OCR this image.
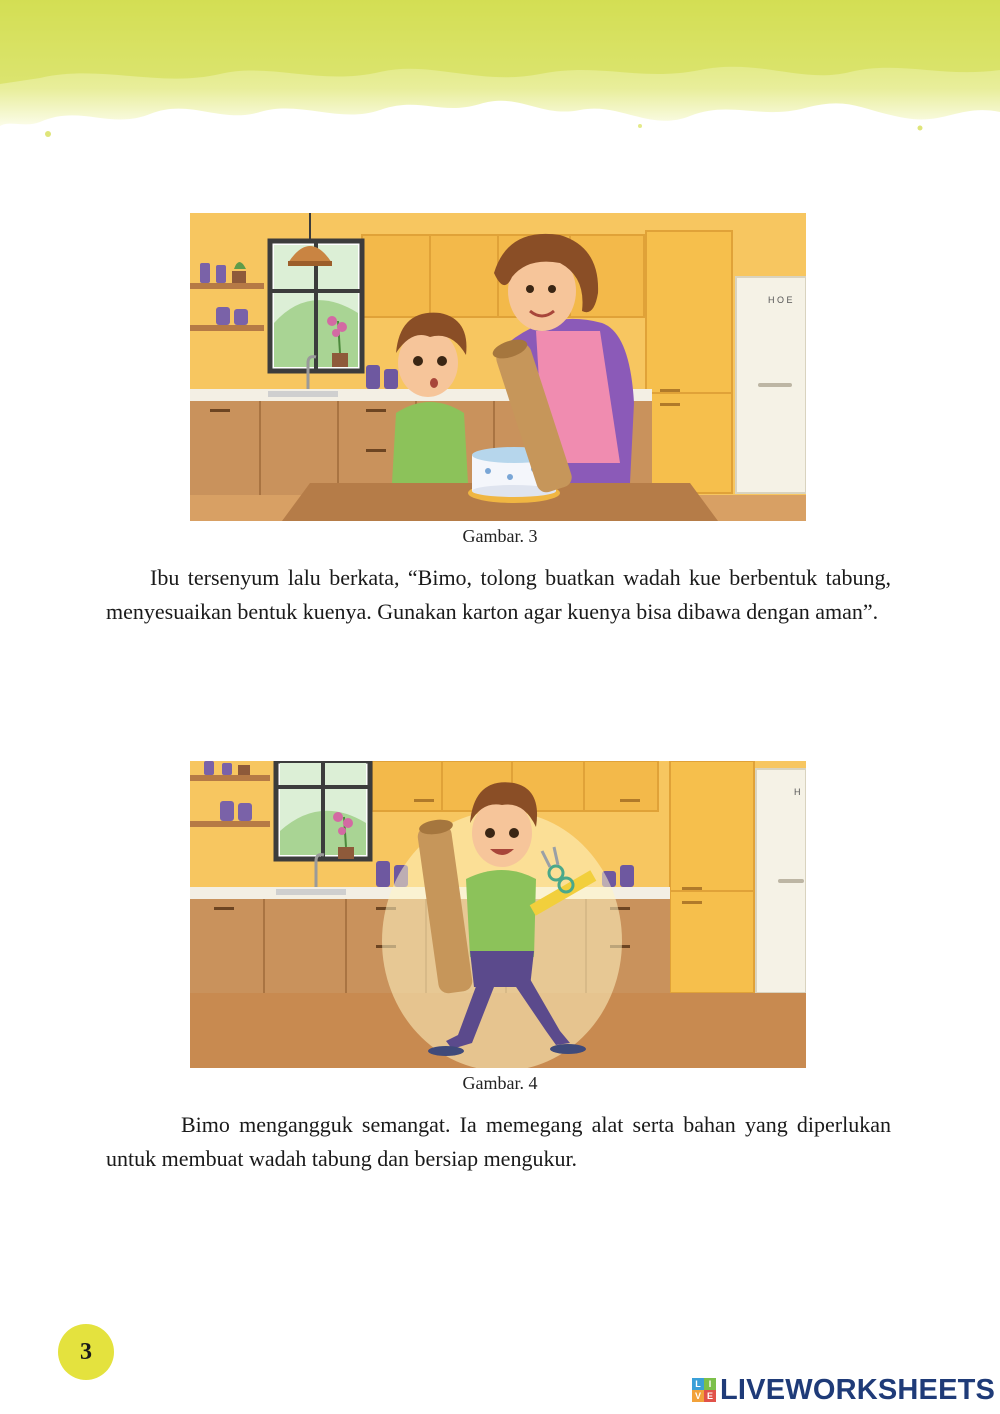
H O E
Gambar. 3

Ibu tersenyum lalu berkata, “Bimo, tolong buatkan wadah kue berbentuk tabung, menyesuaikan bentuk kuenya. Gunakan karton agar kuenya bisa dibawa dengan aman”.

H
Gambar. 4

Bimo mengangguk semangat. Ia memegang alat serta bahan yang diperlukan untuk membuat wadah tabung dan bersiap mengukur.

3
L I
V E LIVEWORKSHEETS
